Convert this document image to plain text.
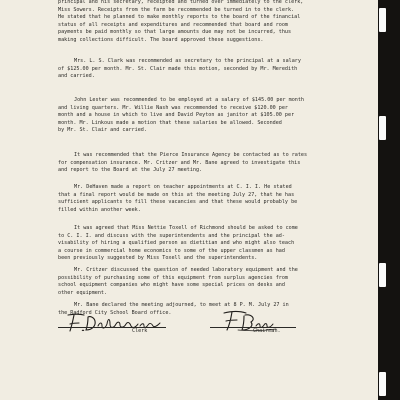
principal and his secretary, receipted and turned over immediately to the clerk,
Miss Sowers. Receipts from the farm be recommended be turned in to the clerk.
He stated that he planned to make monthly reports to the board of the financial
status of all receipts and expenditures and recommended that board and room
payments be paid monthly so that large amounts due may not be incurred, thus
making collections difficult. The board approved these suggestions.
Mrs. L. S. Clark was recommended as secretary to the principal at a salary
of $125.00 per month. Mr. St. Clair made this motion, seconded by Mr. Meredith
and carried.
John Lester was recommended to be employed at a salary of $145.00 per month
and living quarters. Mr. Willie Nash was recommended to receive $120.00 per
month and a house in which to live and David Peyton as janitor at $105.00 per
month. Mr. Linkous made a motion that these salaries be allowed. Seconded
by Mr. St. Clair and carried.
It was recommended that the Pierce Insurance Agency be contacted as to rates
for compensation insurance. Mr. Critzer and Mr. Bane agreed to investigate this
and report to the Board at the July 27 meeting.
Mr. DeHaven made a report on teacher appointments at C. I. I. He stated
that a final report would be made on this at the meeting July 27, that he has
sufficient applicants to fill these vacancies and that these would probably be
filled within another week.
It was agreed that Miss Nettie Toxell of Richmond should be asked to come
to C. I. I. and discuss with the superintendents and the principal the ad-
visability of hiring a qualified person as dietitian and who might also teach
a course in commercial home economics to some of the upper classmen as had
been previously suggested by Miss Toxell and the superintendents.
Mr. Critzer discussed the question of needed laboratory equipment and the
possibility of purchasing some of this equipment from surplus agencies from
school equipment companies who might have some special prices on desks and
other equipment.
Mr. Bane declared the meeting adjourned, to meet at 8 P. M. July 27 in
the Radford City School Board office.
Clerk	Chairman.
